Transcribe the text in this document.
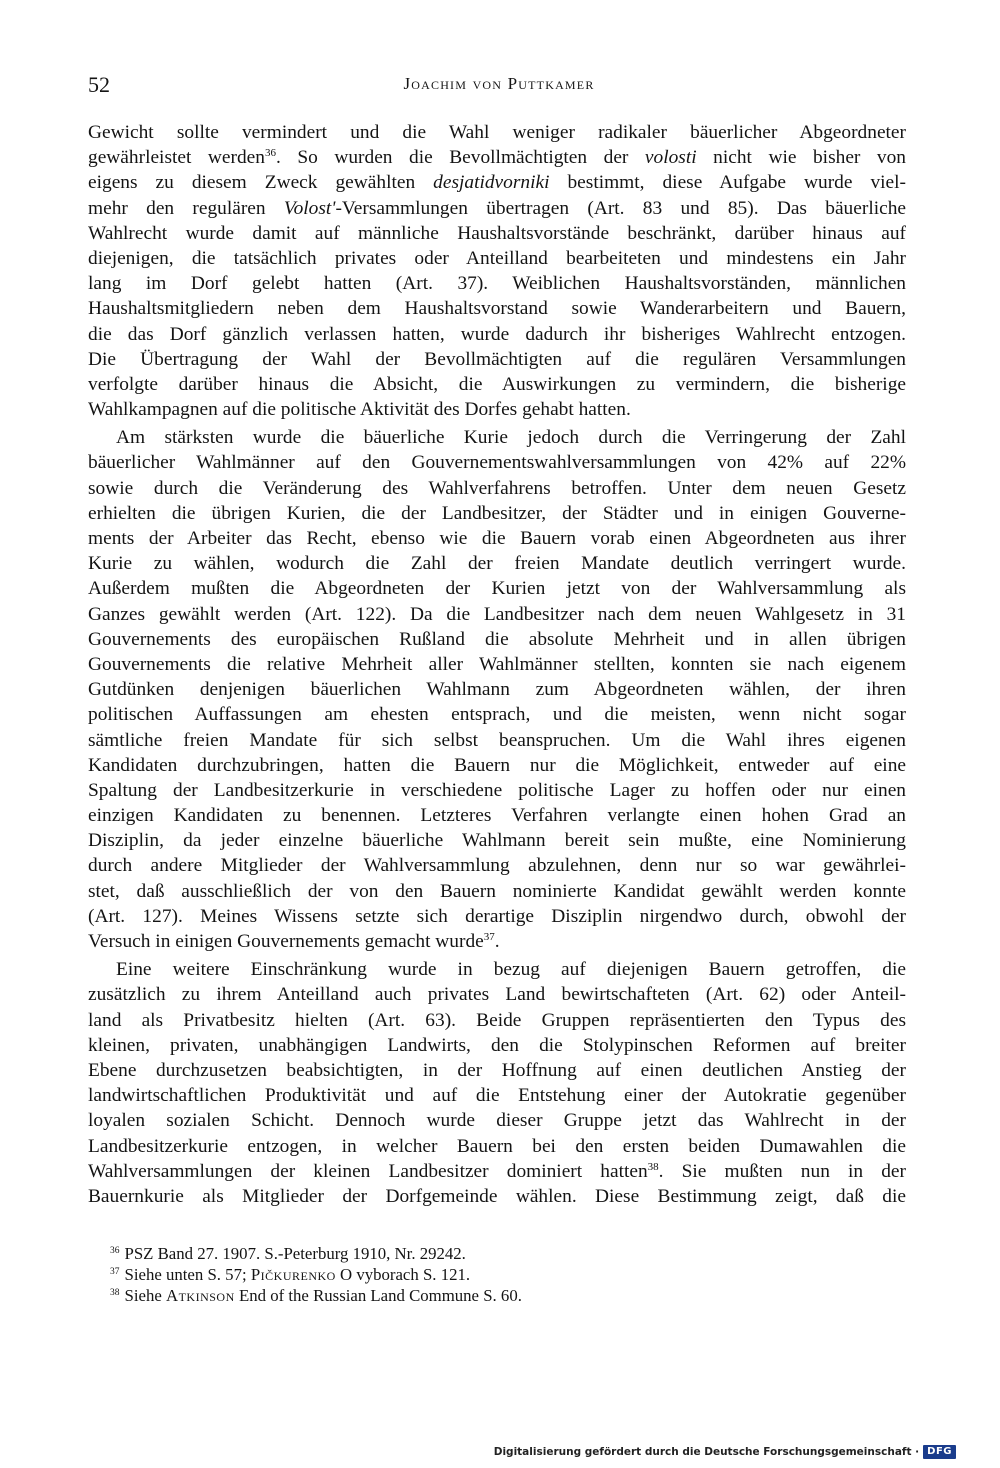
52	Joachim von Puttkamer
Gewicht sollte vermindert und die Wahl weniger radikaler bäuerlicher Abgeordneter
gewährleistet werden$^{36}$. So wurden die Bevollmächtigten der volosti nicht wie bisher von
eigens zu diesem Zweck gewählten desjatidvorniki bestimmt, diese Aufgabe wurde viel-
mehr den regulären Volost'-Versammlungen übertragen (Art. 83 und 85). Das bäuerliche
Wahlrecht wurde damit auf männliche Haushaltsvorstände beschränkt, darüber hinaus auf
diejenigen, die tatsächlich privates oder Anteilland bearbeiteten und mindestens ein Jahr
lang im Dorf gelebt hatten (Art. 37). Weiblichen Haushaltsvorständen, männlichen
Haushaltsmitgliedern neben dem Haushaltsvorstand sowie Wanderarbeitern und Bauern,
die das Dorf gänzlich verlassen hatten, wurde dadurch ihr bisheriges Wahlrecht entzogen.
Die Übertragung der Wahl der Bevollmächtigten auf die regulären Versammlungen
verfolgte darüber hinaus die Absicht, die Auswirkungen zu vermindern, die bisherige
Wahlkampagnen auf die politische Aktivität des Dorfes gehabt hatten.
Am stärksten wurde die bäuerliche Kurie jedoch durch die Verringerung der Zahl
bäuerlicher Wahlmänner auf den Gouvernementswahlversammlungen von 42% auf 22%
sowie durch die Veränderung des Wahlverfahrens betroffen. Unter dem neuen Gesetz
erhielten die übrigen Kurien, die der Landbesitzer, der Städter und in einigen Gouverne-
ments der Arbeiter das Recht, ebenso wie die Bauern vorab einen Abgeordneten aus ihrer
Kurie zu wählen, wodurch die Zahl der freien Mandate deutlich verringert wurde.
Außerdem mußten die Abgeordneten der Kurien jetzt von der Wahlversammlung als
Ganzes gewählt werden (Art. 122). Da die Landbesitzer nach dem neuen Wahlgesetz in 31
Gouvernements des europäischen Rußland die absolute Mehrheit und in allen übrigen
Gouvernements die relative Mehrheit aller Wahlmänner stellten, konnten sie nach eigenem
Gutdünken denjenigen bäuerlichen Wahlmann zum Abgeordneten wählen, der ihren
politischen Auffassungen am ehesten entsprach, und die meisten, wenn nicht sogar
sämtliche freien Mandate für sich selbst beanspruchen. Um die Wahl ihres eigenen
Kandidaten durchzubringen, hatten die Bauern nur die Möglichkeit, entweder auf eine
Spaltung der Landbesitzerkurie in verschiedene politische Lager zu hoffen oder nur einen
einzigen Kandidaten zu benennen. Letzteres Verfahren verlangte einen hohen Grad an
Disziplin, da jeder einzelne bäuerliche Wahlmann bereit sein mußte, eine Nominierung
durch andere Mitglieder der Wahlversammlung abzulehnen, denn nur so war gewährlei-
stet, daß ausschließlich der von den Bauern nominierte Kandidat gewählt werden konnte
(Art. 127). Meines Wissens setzte sich derartige Disziplin nirgendwo durch, obwohl der
Versuch in einigen Gouvernements gemacht wurde$^{37}$.
Eine weitere Einschränkung wurde in bezug auf diejenigen Bauern getroffen, die
zusätzlich zu ihrem Anteilland auch privates Land bewirtschafteten (Art. 62) oder Anteil-
land als Privatbesitz hielten (Art. 63). Beide Gruppen repräsentierten den Typus des
kleinen, privaten, unabhängigen Landwirts, den die Stolypinschen Reformen auf breiter
Ebene durchzusetzen beabsichtigten, in der Hoffnung auf einen deutlichen Anstieg der
landwirtschaftlichen Produktivität und auf die Entstehung einer der Autokratie gegenüber
loyalen sozialen Schicht. Dennoch wurde dieser Gruppe jetzt das Wahlrecht in der
Landbesitzerkurie entzogen, in welcher Bauern bei den ersten beiden Dumawahlen die
Wahlversammlungen der kleinen Landbesitzer dominiert hatten$^{38}$. Sie mußten nun in der
Bauernkurie als Mitglieder der Dorfgemeinde wählen. Diese Bestimmung zeigt, daß die
$^{36}$ PSZ Band 27. 1907. S.-Peterburg 1910, Nr. 29242.
$^{37}$ Siehe unten S. 57; Pičkurenko O vyborach S. 121.
$^{38}$ Siehe Atkinson End of the Russian Land Commune S. 60.
Digitalisierung gefördert durch die Deutsche Forschungsgemeinschaft · DFG
